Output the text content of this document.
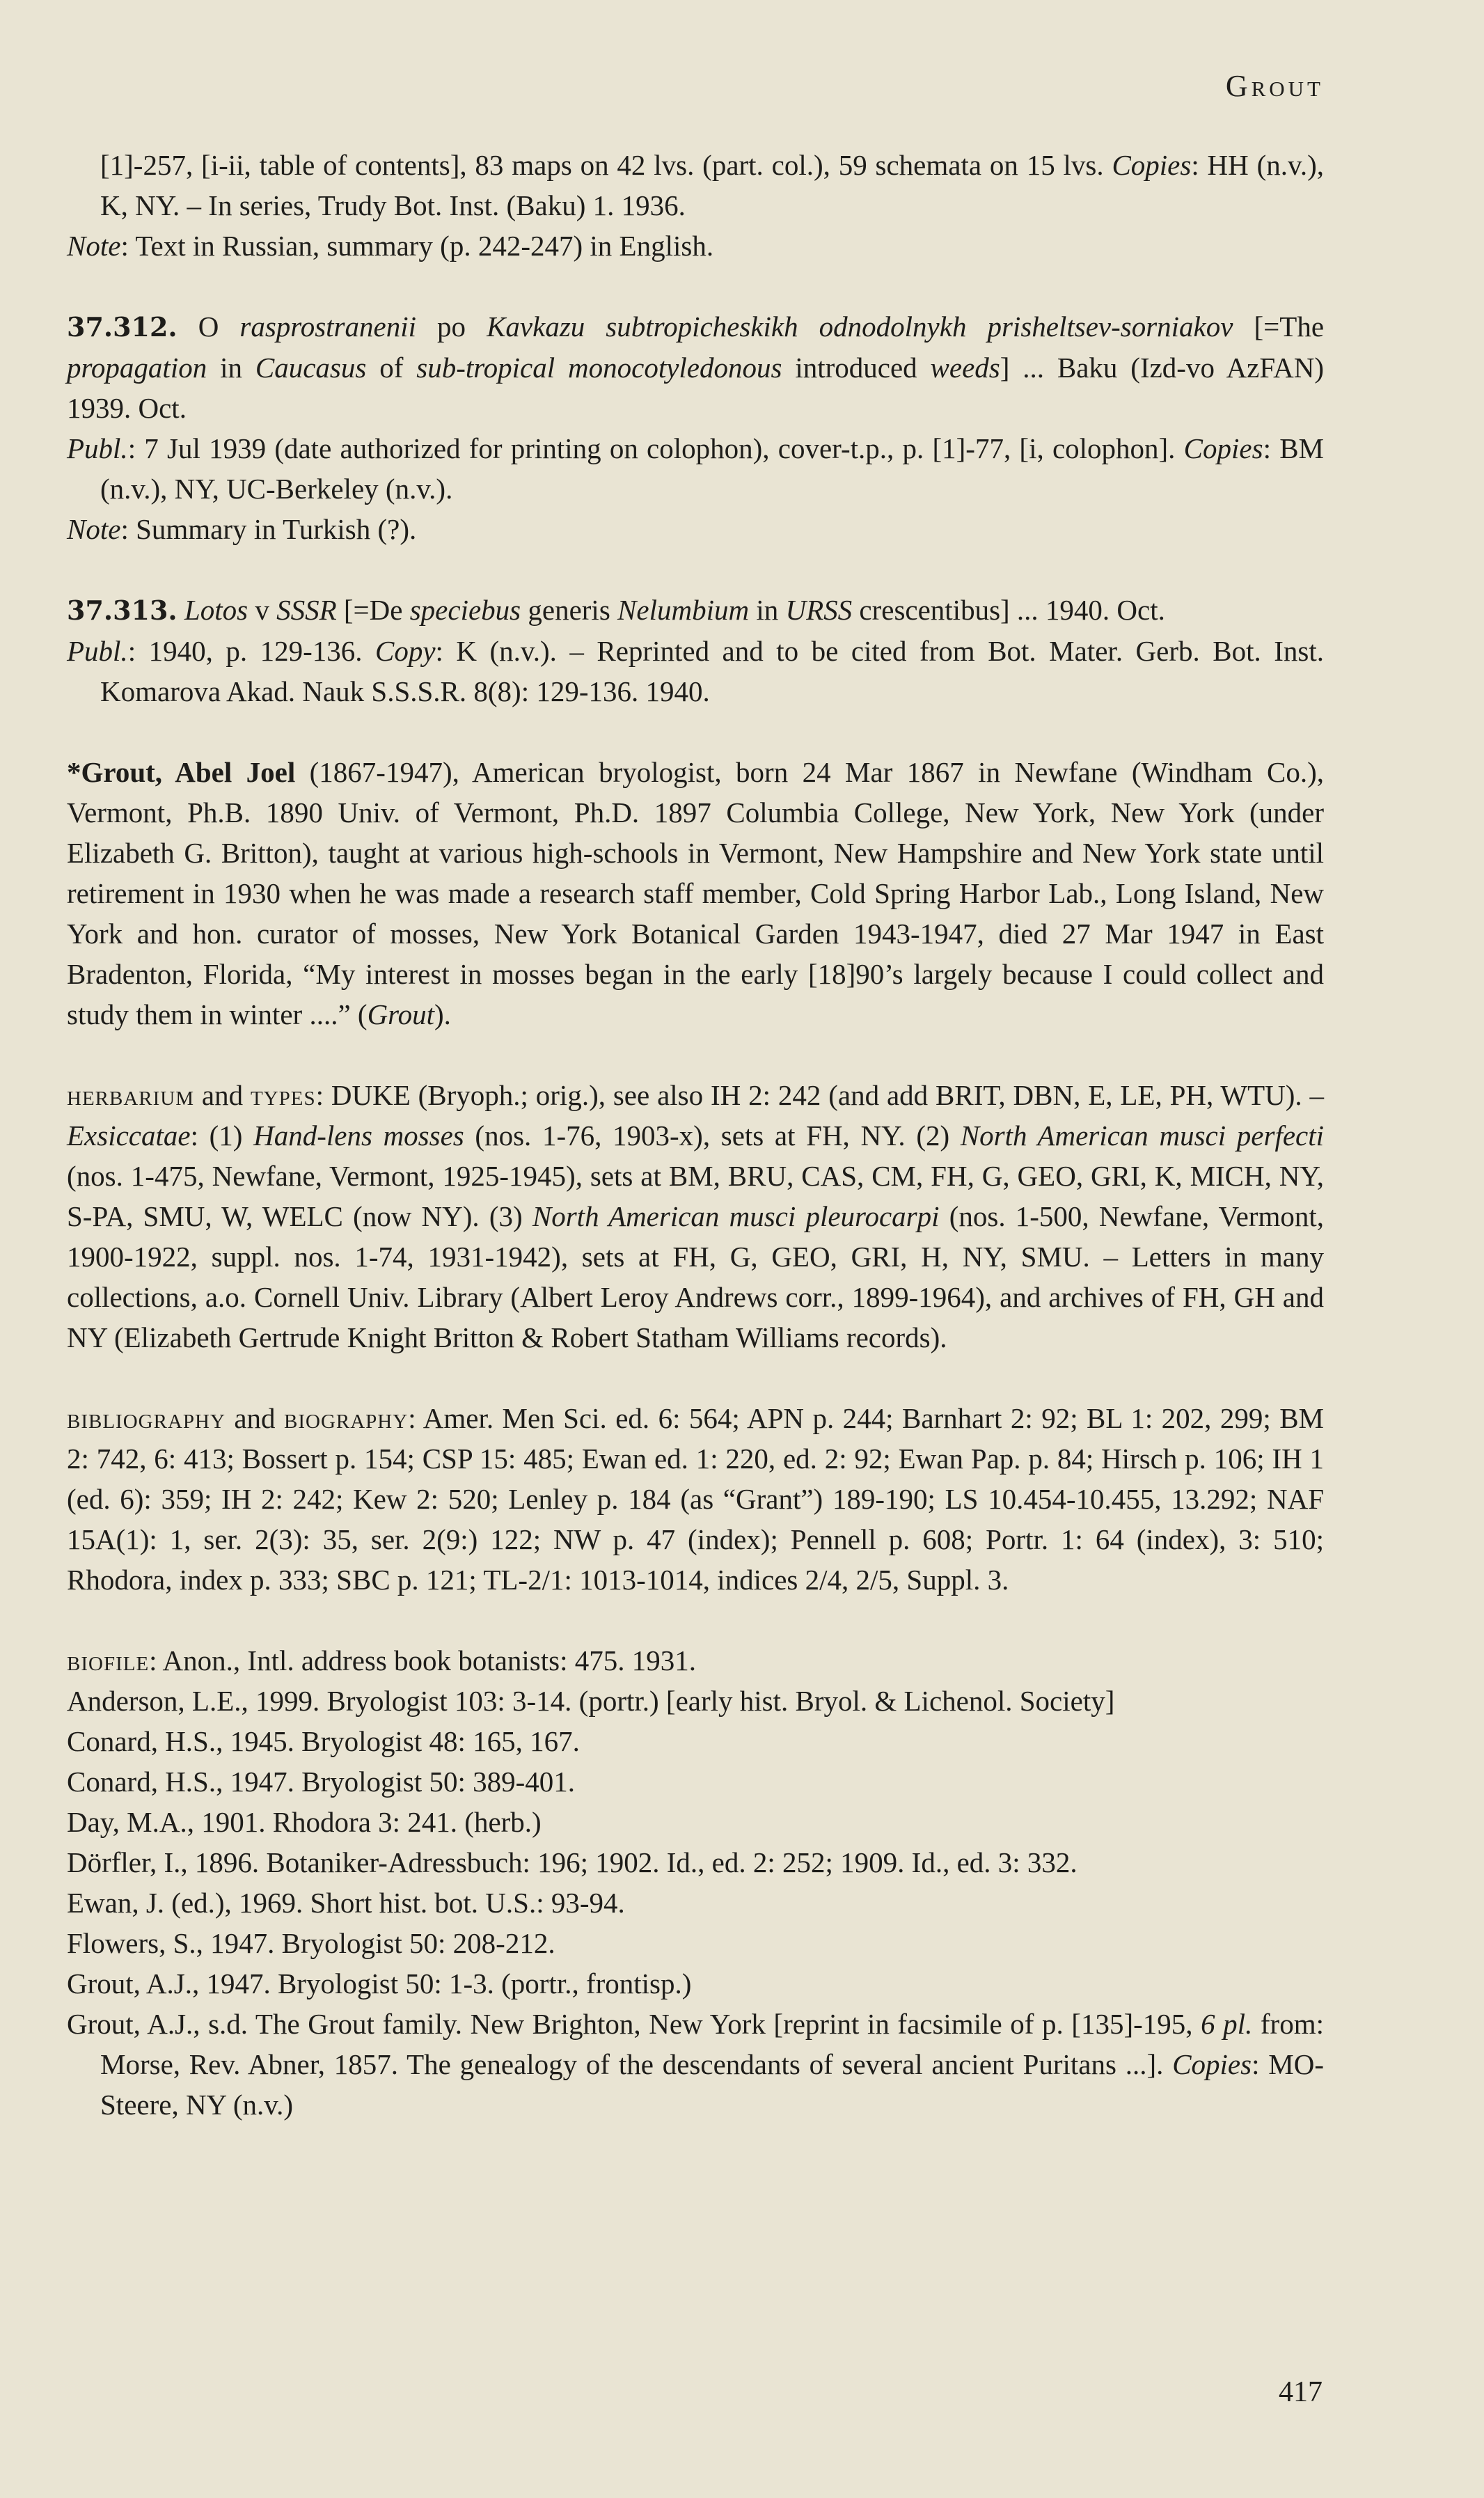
Grout

[1]-257, [i-ii, table of contents], 83 maps on 42 lvs. (part. col.), 59 schemata on 15 lvs. Copies: HH (n.v.), K, NY. – In series, Trudy Bot. Inst. (Baku) 1. 1936.

Note: Text in Russian, summary (p. 242-247) in English.

37.312. O rasprostranenii po Kavkazu subtropicheskikh odnodolnykh prisheltsev-sorniakov [=The propagation in Caucasus of sub-tropical monocotyledonous introduced weeds] ... Baku (Izd-vo AzFAN) 1939. Oct.

Publ.: 7 Jul 1939 (date authorized for printing on colophon), cover-t.p., p. [1]-77, [i, colophon]. Copies: BM (n.v.), NY, UC-Berkeley (n.v.).

Note: Summary in Turkish (?).

37.313. Lotos v SSSR [=De speciebus generis Nelumbium in URSS crescentibus] ... 1940. Oct.

Publ.: 1940, p. 129-136. Copy: K (n.v.). – Reprinted and to be cited from Bot. Mater. Gerb. Bot. Inst. Komarova Akad. Nauk S.S.S.R. 8(8): 129-136. 1940.

*Grout, Abel Joel (1867-1947), American bryologist, born 24 Mar 1867 in Newfane (Windham Co.), Vermont, Ph.B. 1890 Univ. of Vermont, Ph.D. 1897 Columbia College, New York, New York (under Elizabeth G. Britton), taught at various high-schools in Vermont, New Hampshire and New York state until retirement in 1930 when he was made a research staff member, Cold Spring Harbor Lab., Long Island, New York and hon. curator of mosses, New York Botanical Garden 1943-1947, died 27 Mar 1947 in East Bradenton, Florida, “My interest in mosses began in the early [18]90’s largely because I could collect and study them in winter ....” (Grout).

herbarium and types: DUKE (Bryoph.; orig.), see also IH 2: 242 (and add BRIT, DBN, E, LE, PH, WTU). – Exsiccatae: (1) Hand-lens mosses (nos. 1-76, 1903-x), sets at FH, NY. (2) North American musci perfecti (nos. 1-475, Newfane, Vermont, 1925-1945), sets at BM, BRU, CAS, CM, FH, G, GEO, GRI, K, MICH, NY, S-PA, SMU, W, WELC (now NY). (3) North American musci pleurocarpi (nos. 1-500, Newfane, Vermont, 1900-1922, suppl. nos. 1-74, 1931-1942), sets at FH, G, GEO, GRI, H, NY, SMU. – Letters in many collections, a.o. Cornell Univ. Library (Albert Leroy Andrews corr., 1899-1964), and archives of FH, GH and NY (Elizabeth Gertrude Knight Britton & Robert Statham Williams records).

bibliography and biography: Amer. Men Sci. ed. 6: 564; APN p. 244; Barnhart 2: 92; BL 1: 202, 299; BM 2: 742, 6: 413; Bossert p. 154; CSP 15: 485; Ewan ed. 1: 220, ed. 2: 92; Ewan Pap. p. 84; Hirsch p. 106; IH 1 (ed. 6): 359; IH 2: 242; Kew 2: 520; Lenley p. 184 (as “Grant”) 189-190; LS 10.454-10.455, 13.292; NAF 15A(1): 1, ser. 2(3): 35, ser. 2(9:) 122; NW p. 47 (index); Pennell p. 608; Portr. 1: 64 (index), 3: 510; Rhodora, index p. 333; SBC p. 121; TL-2/1: 1013-1014, indices 2/4, 2/5, Suppl. 3.

biofile: Anon., Intl. address book botanists: 475. 1931.

Anderson, L.E., 1999. Bryologist 103: 3-14. (portr.) [early hist. Bryol. & Lichenol. Society]

Conard, H.S., 1945. Bryologist 48: 165, 167.

Conard, H.S., 1947. Bryologist 50: 389-401.

Day, M.A., 1901. Rhodora 3: 241. (herb.)

Dörfler, I., 1896. Botaniker-Adressbuch: 196; 1902. Id., ed. 2: 252; 1909. Id., ed. 3: 332.

Ewan, J. (ed.), 1969. Short hist. bot. U.S.: 93-94.

Flowers, S., 1947. Bryologist 50: 208-212.

Grout, A.J., 1947. Bryologist 50: 1-3. (portr., frontisp.)

Grout, A.J., s.d. The Grout family. New Brighton, New York [reprint in facsimile of p. [135]-195, 6 pl. from: Morse, Rev. Abner, 1857. The genealogy of the descendants of several ancient Puritans ...]. Copies: MO-Steere, NY (n.v.)

417
